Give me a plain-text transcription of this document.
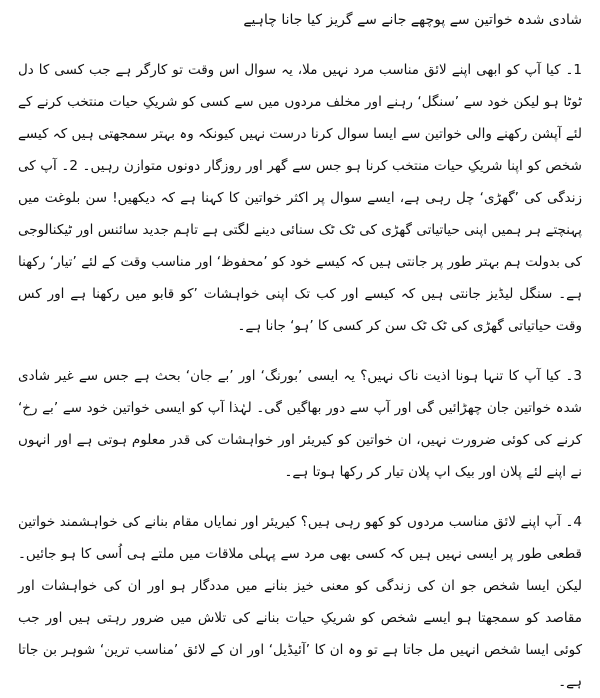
شادی شدہ خواتین سے پوچھے جانے سے گریز کیا جانا چاہیے

1۔ کیا آپ کو ابھی اپنے لائق مناسب مرد نہیں ملا، یہ سوال اس وقت تو کارگر ہے جب کسی کا دل ٹوٹا ہو لیکن خود سے ’سنگل‘ رہنے اور مخلف مردوں میں سے کسی کو شریکِ حیات منتخب کرنے کے لئے آپشن رکھنے والی خواتین سے ایسا سوال کرنا درست نہیں کیونکہ وہ بہتر سمجھتی ہیں کہ کیسے شخص کو اپنا شریکِ حیات منتخب کرنا ہو جس سے گھر اور روزگار دونوں متوازن رہیں۔ 2۔ آپ کی زندگی کی ’گھڑی‘ چل رہی ہے، ایسے سوال پر اکثر خواتین کا کہنا ہے کہ دیکھیں! سن بلوغت میں پہنچتے ہر ہمیں اپنی حیاتیاتی گھڑی کی ٹک ٹک سنائی دینے لگتی ہے تاہم جدید سائنس اور ٹیکنالوجی کی بدولت ہم بہتر طور پر جانتی ہیں کہ کیسے خود کو ’محفوظ‘ اور مناسب وقت کے لئے ’تیار‘ رکھنا ہے۔ سنگل لیڈیز جانتی ہیں کہ کیسے اور کب تک اپنی خواہشات ’کو قابو میں رکھنا ہے اور کس وقت حیاتیاتی گھڑی کی ٹک ٹک سن کر کسی کا ’ہو‘ جانا ہے۔

3۔ کیا آپ کا تنہا ہونا اذیت ناک نہیں؟ یہ ایسی ’بورنگ‘ اور ’بے جان‘ بحث ہے جس سے غیر شادی شدہ خواتین جان چھڑائیں گی اور آپ سے دور بھاگیں گی۔ لہٰذا آپ کو ایسی خواتین خود سے ’بے رخ‘ کرنے کی کوئی ضرورت نہیں، ان خواتین کو کیریئر اور خواہشات کی قدر معلوم ہوتی ہے اور انہوں نے اپنے لئے پلان اور بیک اپ پلان تیار کر رکھا ہوتا ہے۔

4۔ آپ اپنے لائق مناسب مردوں کو کھو رہی ہیں؟ کیریئر اور نمایاں مقام بنانے کی خواہشمند خواتین قطعی طور پر ایسی نہیں ہیں کہ کسی بھی مرد سے پہلی ملاقات میں ملتے ہی اُسی کا ہو جائیں۔ لیکن ایسا شخص جو ان کی زندگی کو معنی خیز بنانے میں مددگار ہو اور ان کی خواہشات اور مقاصد کو سمجھتا ہو ایسے شخص کو شریکِ حیات بنانے کی تلاش میں ضرور رہتی ہیں اور جب کوئی ایسا شخص انہیں مل جاتا ہے تو وہ ان کا ’آئیڈیل‘ اور ان کے لائق ’مناسب ترین‘ شوہر بن جاتا ہے۔
